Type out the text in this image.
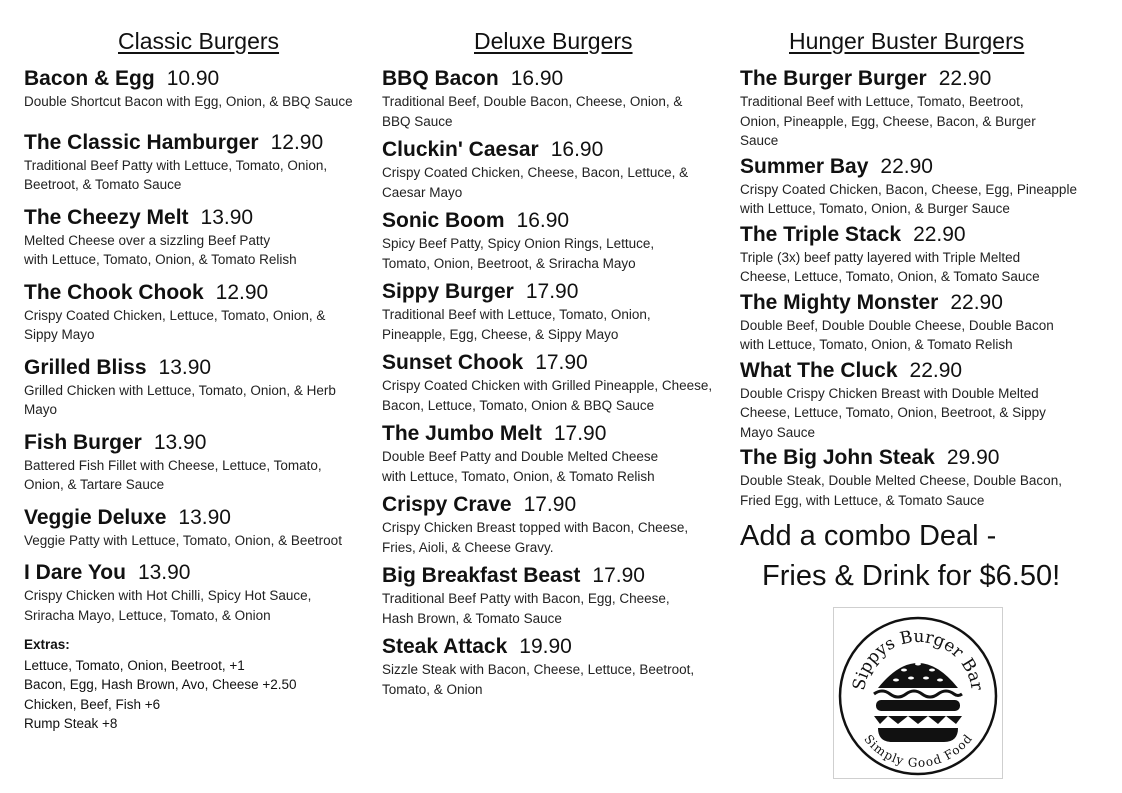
Classic Burgers
Bacon & Egg 10.90
Double Shortcut Bacon with Egg, Onion, & BBQ Sauce
The Classic Hamburger 12.90
Traditional Beef Patty with Lettuce, Tomato, Onion,
Beetroot, & Tomato Sauce
The Cheezy Melt 13.90
Melted Cheese over a sizzling Beef Patty
with Lettuce, Tomato, Onion, & Tomato Relish
The Chook Chook 12.90
Crispy Coated Chicken, Lettuce, Tomato, Onion, &
Sippy Mayo
Grilled Bliss 13.90
Grilled Chicken with Lettuce, Tomato, Onion, & Herb
Mayo
Fish Burger 13.90
Battered Fish Fillet with Cheese, Lettuce, Tomato,
Onion, & Tartare Sauce
Veggie Deluxe 13.90
Veggie Patty with Lettuce, Tomato, Onion, & Beetroot
I Dare You 13.90
Crispy Chicken with Hot Chilli, Spicy Hot Sauce,
Sriracha Mayo, Lettuce, Tomato, & Onion
Extras:
Lettuce, Tomato, Onion, Beetroot, +1
Bacon, Egg, Hash Brown, Avo, Cheese +2.50
Chicken, Beef, Fish +6
Rump Steak +8
Deluxe Burgers
BBQ Bacon 16.90
Traditional Beef, Double Bacon, Cheese, Onion, &
BBQ Sauce
Cluckin' Caesar 16.90
Crispy Coated Chicken, Cheese, Bacon, Lettuce, &
Caesar Mayo
Sonic Boom 16.90
Spicy Beef Patty, Spicy Onion Rings, Lettuce,
Tomato, Onion, Beetroot, & Sriracha Mayo
Sippy Burger 17.90
Traditional Beef with Lettuce, Tomato, Onion,
Pineapple, Egg, Cheese, & Sippy Mayo
Sunset Chook 17.90
Crispy Coated Chicken with Grilled Pineapple, Cheese,
Bacon, Lettuce, Tomato, Onion & BBQ Sauce
The Jumbo Melt 17.90
Double Beef Patty and Double Melted Cheese
with Lettuce, Tomato, Onion, & Tomato Relish
Crispy Crave 17.90
Crispy Chicken Breast topped with Bacon, Cheese,
Fries, Aioli, & Cheese Gravy.
Big Breakfast Beast 17.90
Traditional Beef Patty with Bacon, Egg, Cheese,
Hash Brown, & Tomato Sauce
Steak Attack 19.90
Sizzle Steak with Bacon, Cheese, Lettuce, Beetroot,
Tomato, & Onion
Hunger Buster Burgers
The Burger Burger 22.90
Traditional Beef with Lettuce, Tomato, Beetroot,
Onion, Pineapple, Egg, Cheese, Bacon, & Burger
Sauce
Summer Bay 22.90
Crispy Coated Chicken, Bacon, Cheese, Egg, Pineapple
with Lettuce, Tomato, Onion, & Burger Sauce
The Triple Stack 22.90
Triple (3x) beef patty layered with Triple Melted
Cheese, Lettuce, Tomato, Onion, & Tomato Sauce
The Mighty Monster 22.90
Double Beef, Double Double Cheese, Double Bacon
with Lettuce, Tomato, Onion, & Tomato Relish
What The Cluck 22.90
Double Crispy Chicken Breast with Double Melted
Cheese, Lettuce, Tomato, Onion, Beetroot, & Sippy
Mayo Sauce
The Big John Steak 29.90
Double Steak, Double Melted Cheese, Double Bacon,
Fried Egg, with Lettuce, & Tomato Sauce
Add a combo Deal -
Fries & Drink for $6.50!
Sippys Burger Bar
Simply Good Food
